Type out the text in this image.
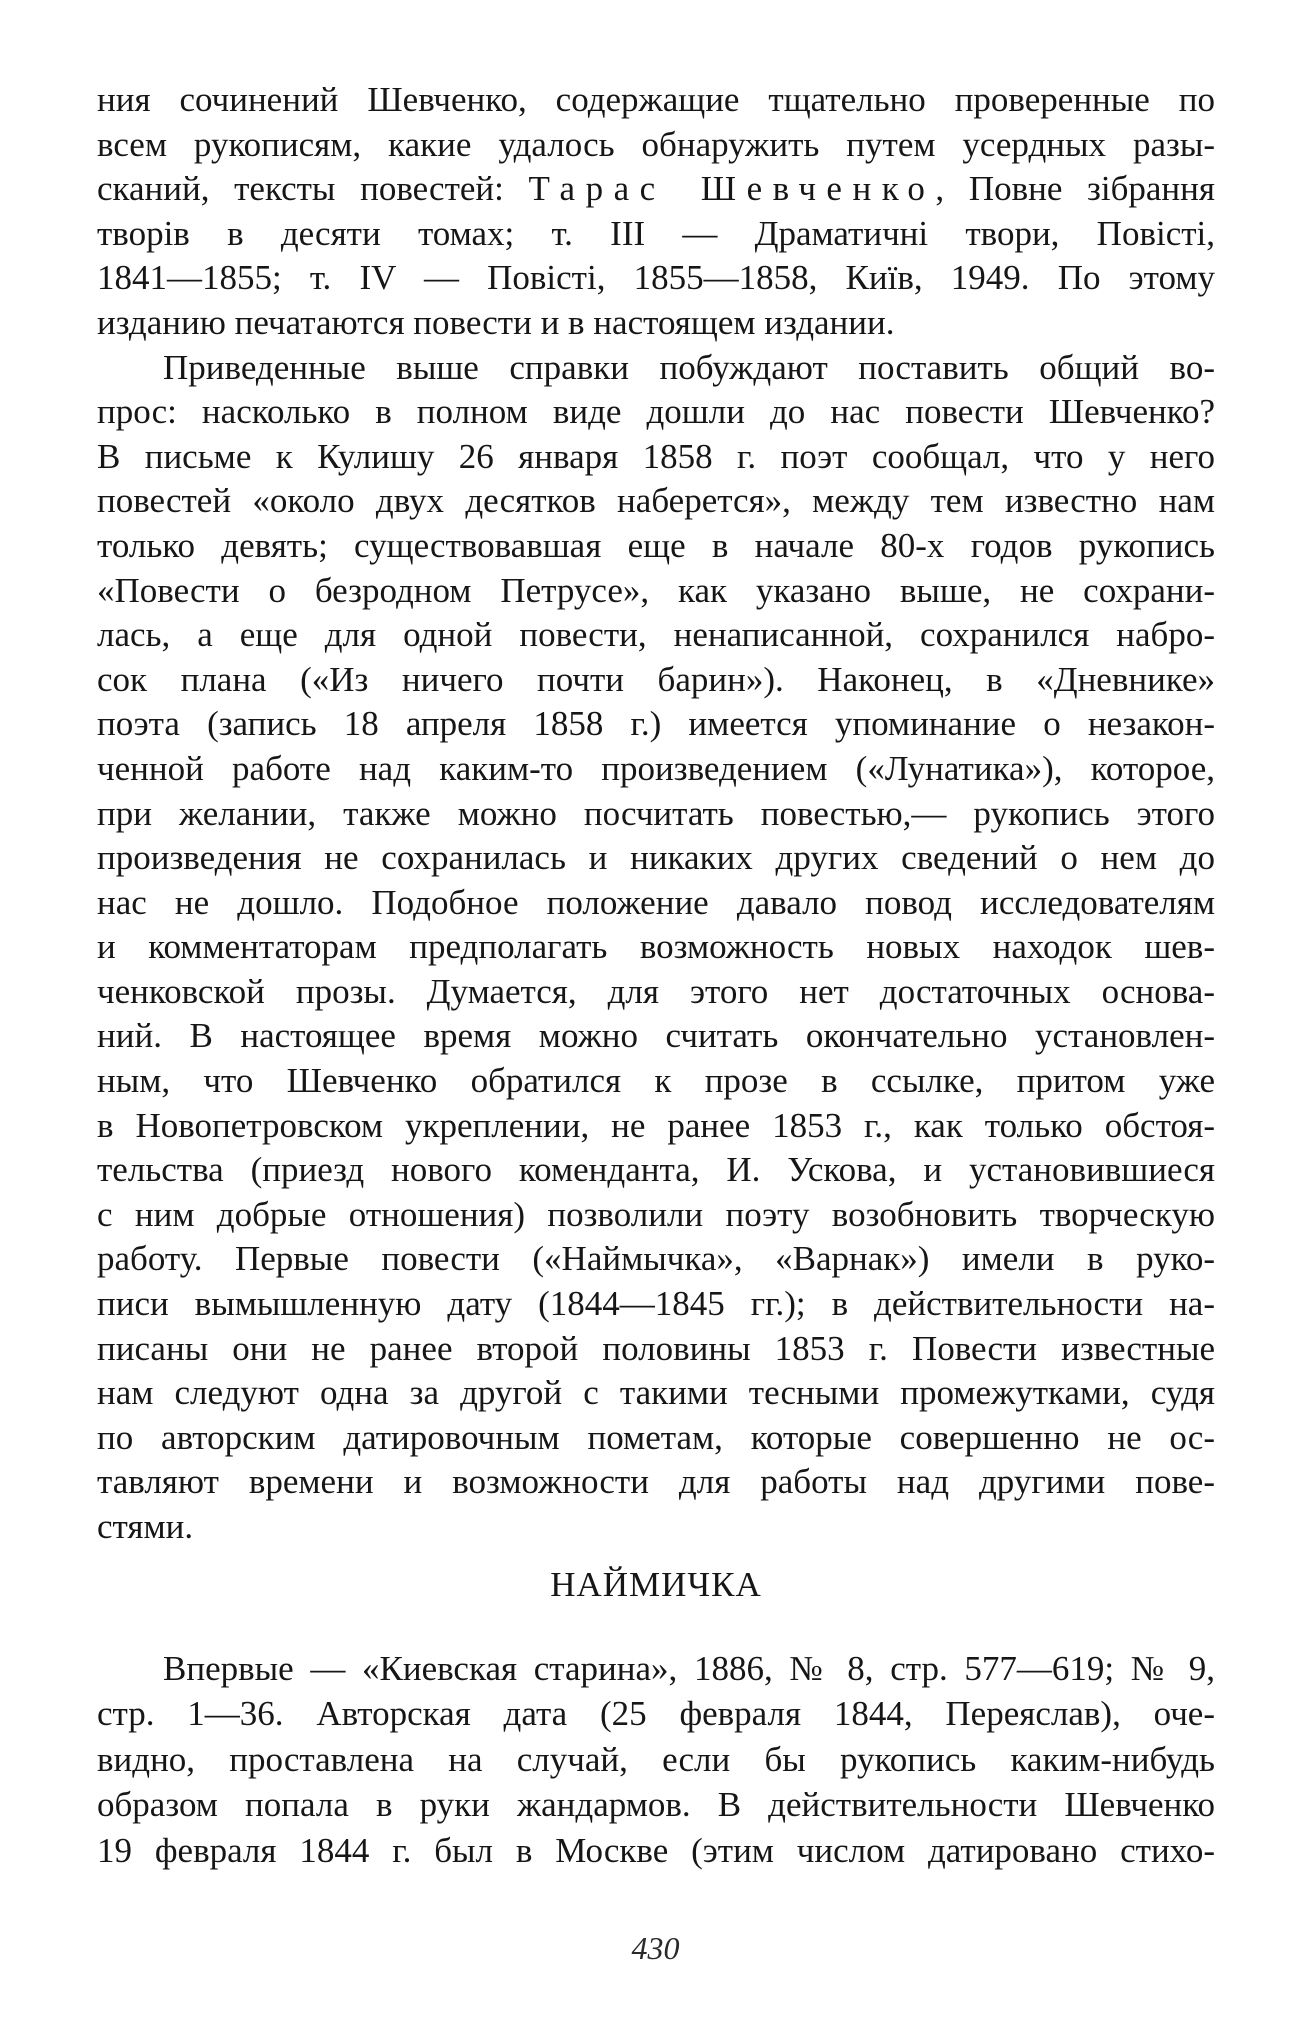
ния сочинений Шевченко, содержащие тщательно проверенные по
всем рукописям, какие удалось обнаружить путем усердных разы-
сканий, тексты повестей: Тарас Шевченко, Повне зібрання
творів в десяти томах; т. III — Драматичні твори, Повісті,
1841—1855; т. IV — Повісті, 1855—1858, Київ, 1949. По этому
изданию печатаются повести и в настоящем издании.
Приведенные выше справки побуждают поставить общий во-
прос: насколько в полном виде дошли до нас повести Шевченко?
В письме к Кулишу 26 января 1858 г. поэт сообщал, что у него
повестей «около двух десятков наберется», между тем известно нам
только девять; существовавшая еще в начале 80-х годов рукопись
«Повести о безродном Петрусе», как указано выше, не сохрани-
лась, а еще для одной повести, ненаписанной, сохранился набро-
сок плана («Из ничего почти барин»). Наконец, в «Дневнике»
поэта (запись 18 апреля 1858 г.) имеется упоминание о незакон-
ченной работе над каким-то произведением («Лунатика»), которое,
при желании, также можно посчитать повестью,— рукопись этого
произведения не сохранилась и никаких других сведений о нем до
нас не дошло. Подобное положение давало повод исследователям
и комментаторам предполагать возможность новых находок шев-
ченковской прозы. Думается, для этого нет достаточных основа-
ний. В настоящее время можно считать окончательно установлен-
ным, что Шевченко обратился к прозе в ссылке, притом уже
в Новопетровском укреплении, не ранее 1853 г., как только обстоя-
тельства (приезд нового коменданта, И. Ускова, и установившиеся
с ним добрые отношения) позволили поэту возобновить творческую
работу. Первые повести («Наймычка», «Варнак») имели в руко-
писи вымышленную дату (1844—1845 гг.); в действительности на-
писаны они не ранее второй половины 1853 г. Повести известные
нам следуют одна за другой с такими тесными промежутками, судя
по авторским датировочным пометам, которые совершенно не ос-
тавляют времени и возможности для работы над другими пове-
стями.
НАЙМИЧКА
Впервые — «Киевская старина», 1886, № 8, стр. 577—619; № 9,
стр. 1—36. Авторская дата (25 февраля 1844, Переяслав), оче-
видно, проставлена на случай, если бы рукопись каким-нибудь
образом попала в руки жандармов. В действительности Шевченко
19 февраля 1844 г. был в Москве (этим числом датировано стихо-
430
